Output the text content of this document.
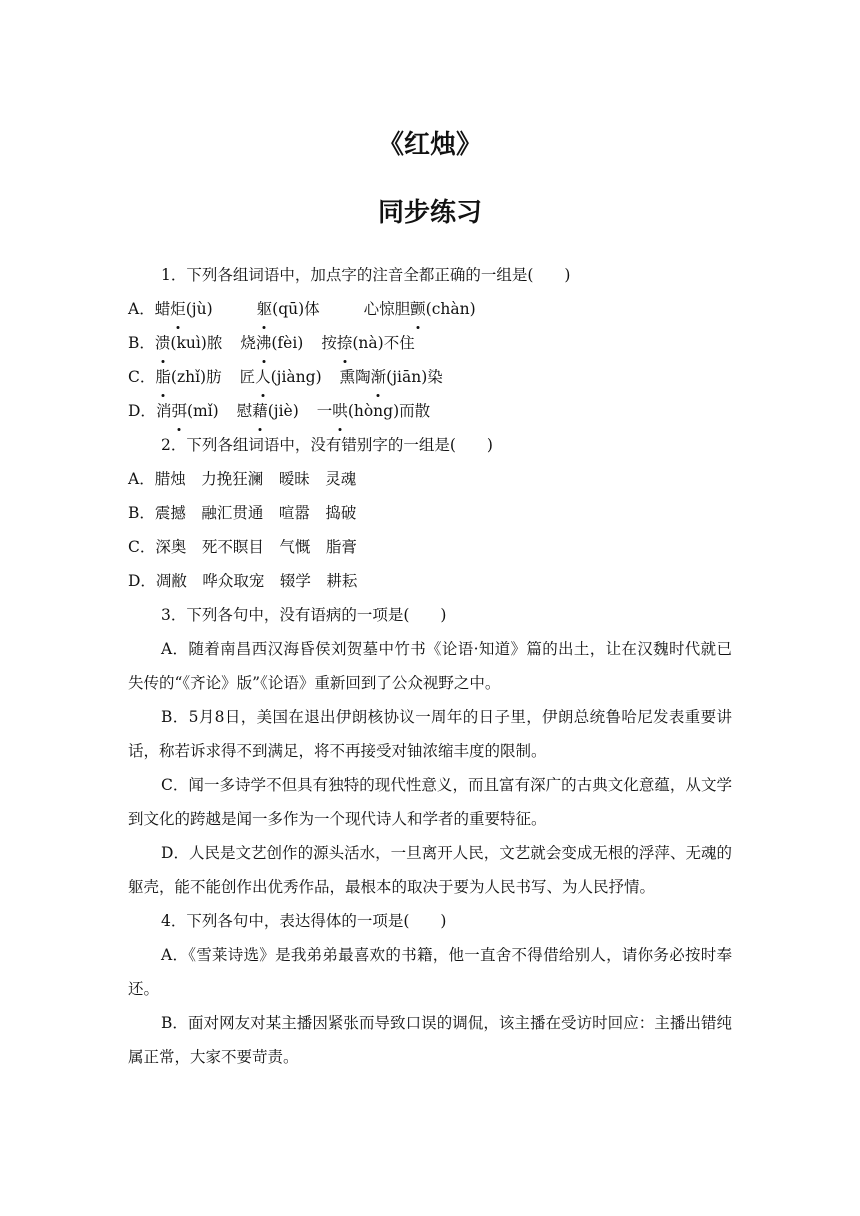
《红烛》
同步练习
1．下列各组词语中，加点字的注音全都正确的一组是(　　)
A．蜡炬(jù)	躯(qū)体	心惊胆颤(chàn)
B．溃(kuì)脓 烧沸(fèi) 按捺(nà)不住
C．脂(zhǐ)肪 匠人(jiàng) 熏陶渐(jiān)染
D．消弭(mǐ) 慰藉(jiè) 一哄(hòng)而散
2．下列各组词语中，没有错别字的一组是(　　)
A．腊烛　力挽狂澜　暧昧　灵魂
B．震撼　融汇贯通　喧嚣　捣破
C．深奥　死不瞑目　气慨　脂膏
D．凋敝　哗众取宠　辍学　耕耘
3．下列各句中，没有语病的一项是(　　)
A．随着南昌西汉海昏侯刘贺墓中竹书《论语·知道》篇的出土，让在汉魏时代就已失传的“《齐论》版”《论语》重新回到了公众视野之中。
B．5月8日，美国在退出伊朗核协议一周年的日子里，伊朗总统鲁哈尼发表重要讲话，称若诉求得不到满足，将不再接受对铀浓缩丰度的限制。
C．闻一多诗学不但具有独特的现代性意义，而且富有深广的古典文化意蕴，从文学到文化的跨越是闻一多作为一个现代诗人和学者的重要特征。
D．人民是文艺创作的源头活水，一旦离开人民，文艺就会变成无根的浮萍、无魂的躯壳，能不能创作出优秀作品，最根本的取决于要为人民书写、为人民抒情。
4．下列各句中，表达得体的一项是(　　)
A．《雪莱诗选》是我弟弟最喜欢的书籍，他一直舍不得借给别人，请你务必按时奉还。
B．面对网友对某主播因紧张而导致口误的调侃，该主播在受访时回应：主播出错纯属正常，大家不要苛责。
